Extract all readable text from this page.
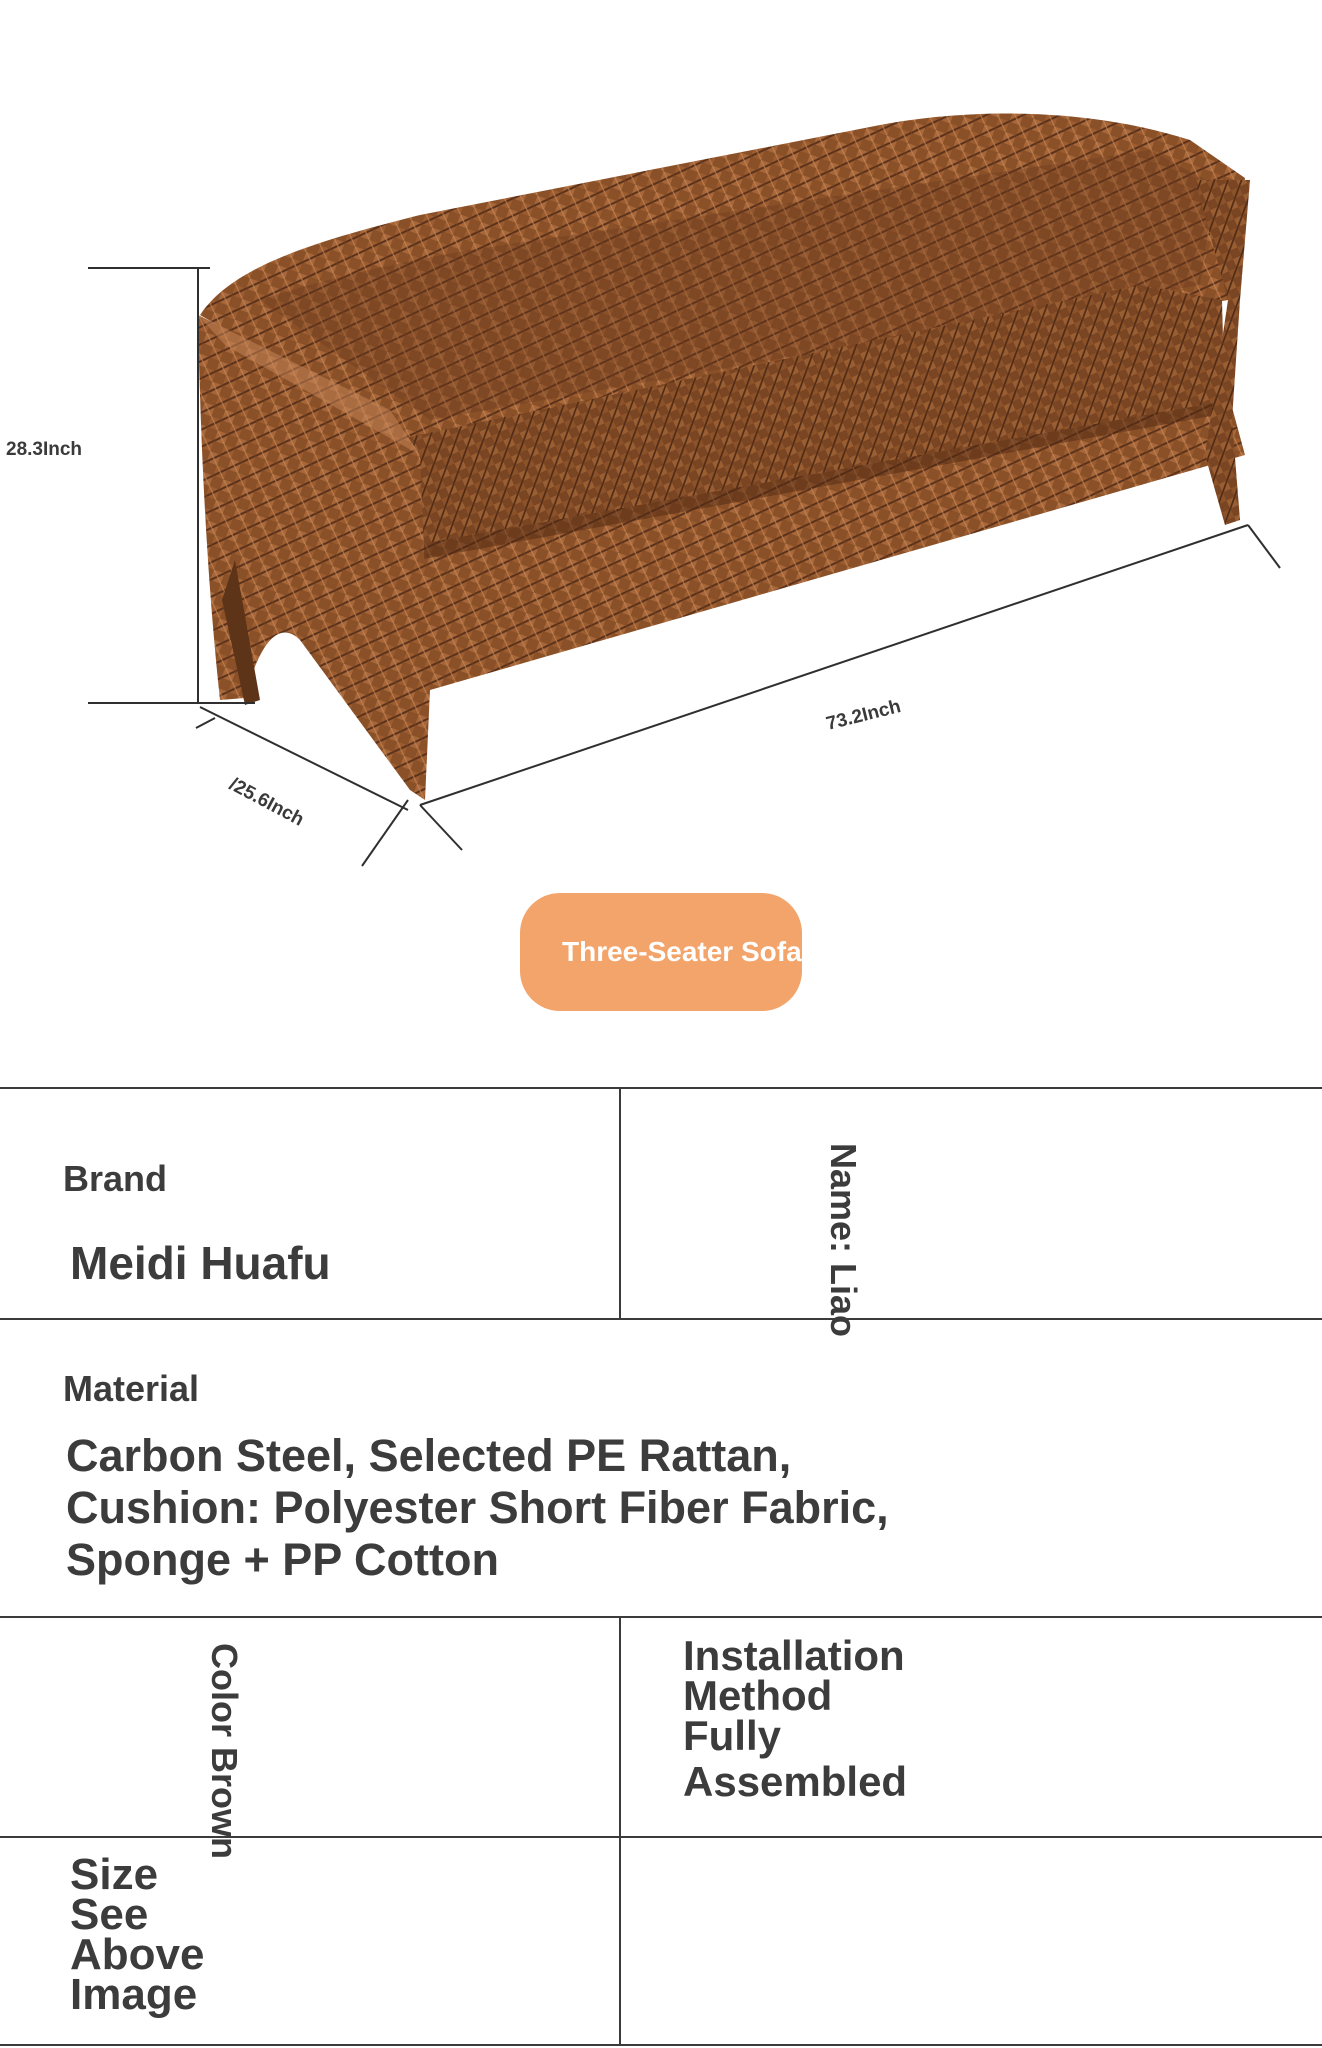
28.3Inch
/25.6Inch
73.2Inch
Three-Seater Sofa
Brand
Meidi Huafu	Name: Liao
Material
Carbon Steel, Selected PE Rattan,
Cushion: Polyester Short Fiber Fabric,
Sponge + PP Cotton
Color Brown	Installation
Method
Fully
Assembled
Size
See
Above
Image
